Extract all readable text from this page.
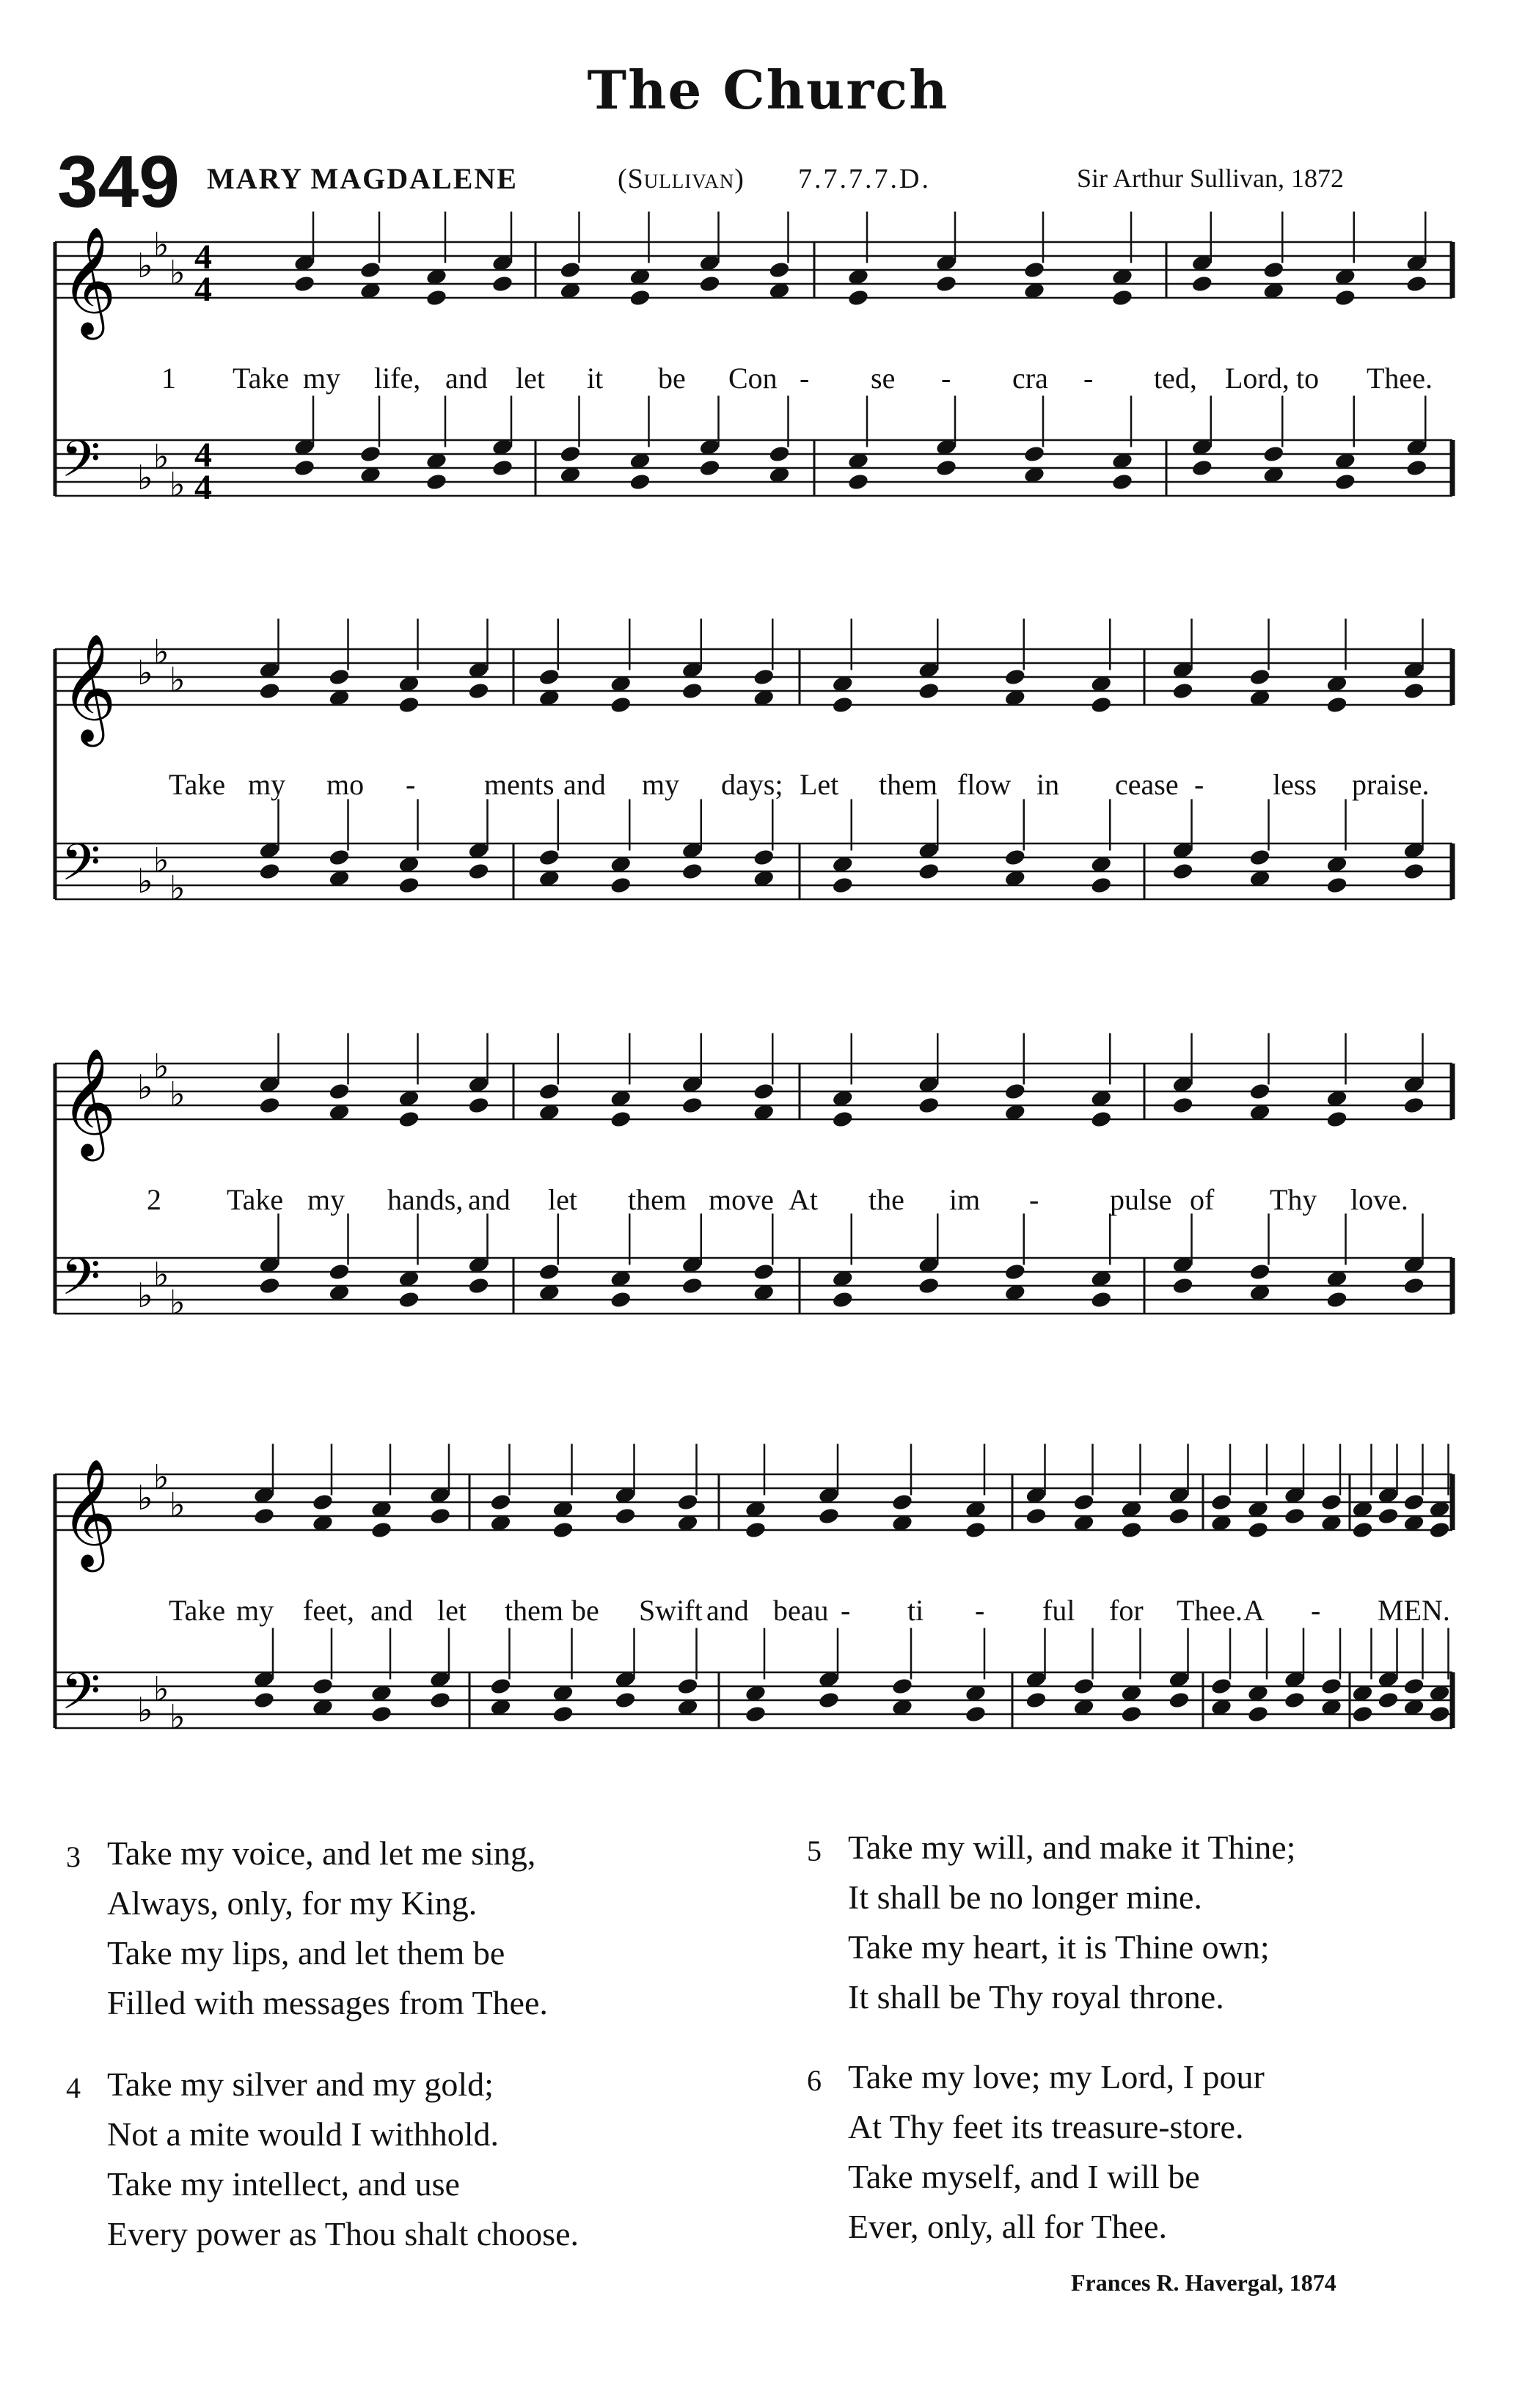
The Church
349 MARY MAGDALENE	(Sullivan) 7.7.7.7.D.	Sir Arthur Sullivan, 1872
𝄞 ♭
♭
♭ 4
4
𝄢 ♭
♭
♭
4
4
𝄞 ♭
♭
♭
𝄢 ♭
♭
♭
𝄞 ♭
♭
♭
𝄢 ♭
♭
♭
𝄞 ♭
♭
♭
𝄢 ♭
♭
♭
1 Take my life, and let it be Con - se - cra - ted, Lord, to Thee.
Take my mo - ments and my days; Let them flow in cease - less praise.
2 Take my hands, and let them move At the im - pulse of Thy love.
Take my feet, and let them be Swift and beau - ti - ful for Thee. A - MEN.
3 Take my voice, and let me sing,
Always, only, for my King.
Take my lips, and let them be
Filled with messages from Thee.
4 Take my silver and my gold;
Not a mite would I withhold.
Take my intellect, and use
Every power as Thou shalt choose.
5 Take my will, and make it Thine;
It shall be no longer mine.
Take my heart, it is Thine own;
It shall be Thy royal throne.
6 Take my love; my Lord, I pour
At Thy feet its treasure-store.
Take myself, and I will be
Ever, only, all for Thee.
Frances R. Havergal, 1874
